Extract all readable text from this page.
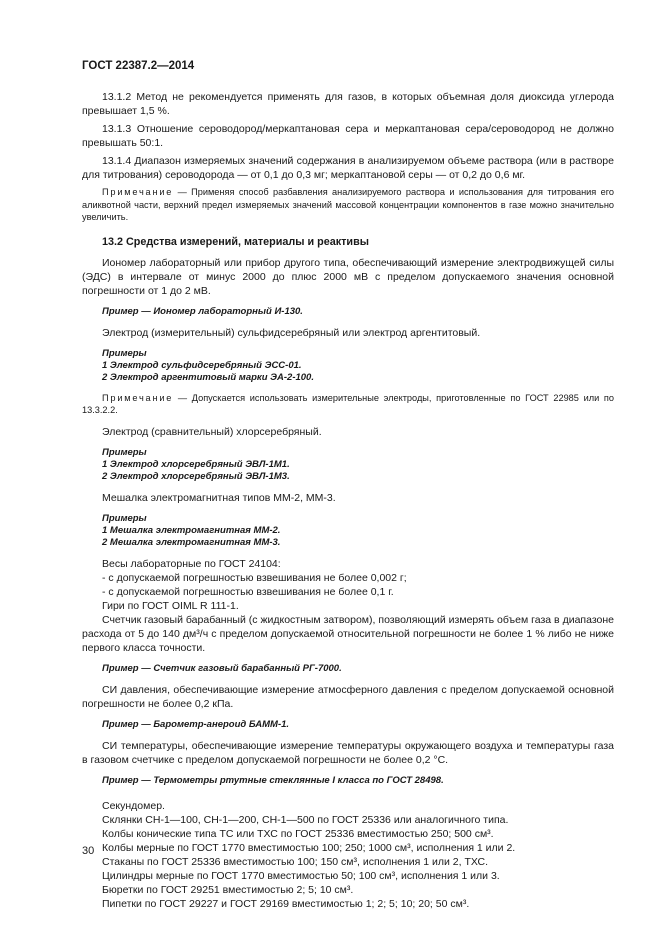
ГОСТ 22387.2—2014

13.1.2 Метод не рекомендуется применять для газов, в которых объемная доля диоксида углерода превышает 1,5 %.

13.1.3 Отношение сероводород/меркаптановая сера и меркаптановая сера/сероводород не должно превышать 50:1.

13.1.4 Диапазон измеряемых значений содержания в анализируемом объеме раствора (или в растворе для титрования) сероводорода — от 0,1 до 0,3 мг; меркаптановой серы — от 0,2 до 0,6 мг.

Примечание — Применяя способ разбавления анализируемого раствора и использования для титрования его аликвотной части, верхний предел измеряемых значений массовой концентрации компонентов в газе можно значительно увеличить.

13.2 Средства измерений, материалы и реактивы

Иономер лабораторный или прибор другого типа, обеспечивающий измерение электродвижущей силы (ЭДС) в интервале от минус 2000 до плюс 2000 мВ с пределом допускаемого значения основной погрешности от 1 до 2 мВ.

Пример — Иономер лабораторный И-130.

Электрод (измерительный) сульфидсеребряный или электрод аргентитовый.

Примеры

1 Электрод сульфидсеребряный ЭСС-01.

2 Электрод аргентитовый марки ЭА-2-100.

Примечание — Допускается использовать измерительные электроды, приготовленные по ГОСТ 22985 или по 13.3.2.2.

Электрод (сравнительный) хлорсеребряный.

Примеры

1 Электрод хлорсеребряный ЭВЛ-1М1.

2 Электрод хлорсеребряный ЭВЛ-1М3.

Мешалка электромагнитная типов ММ-2, ММ-3.

Примеры

1 Мешалка электромагнитная ММ-2.

2 Мешалка электромагнитная ММ-3.

Весы лабораторные по ГОСТ 24104:

- с допускаемой погрешностью взвешивания не более 0,002 г;

- с допускаемой погрешностью взвешивания не более 0,1 г.

Гири по ГОСТ OIML R 111-1.

Счетчик газовый барабанный (с жидкостным затвором), позволяющий измерять объем газа в диапазоне расхода от 5 до 140 дм³/ч с пределом допускаемой относительной погрешности не более 1 % либо не ниже первого класса точности.

Пример — Счетчик газовый барабанный РГ-7000.

СИ давления, обеспечивающие измерение атмосферного давления с пределом допускаемой основной погрешности не более 0,2 кПа.

Пример — Барометр-анероид БАММ-1.

СИ температуры, обеспечивающие измерение температуры окружающего воздуха и температуры газа в газовом счетчике с пределом допускаемой погрешности не более 0,2 °С.

Пример — Термометры ртутные стеклянные I класса по ГОСТ 28498.

Секундомер.

Склянки СН-1—100, СН-1—200, СН-1—500 по ГОСТ 25336 или аналогичного типа.

Колбы конические типа ТС или ТХС по ГОСТ 25336 вместимостью 250; 500 см³.

Колбы мерные по ГОСТ 1770 вместимостью 100; 250; 1000 см³, исполнения 1 или 2.

Стаканы по ГОСТ 25336 вместимостью 100; 150 см³, исполнения 1 или 2, ТХС.

Цилиндры мерные по ГОСТ 1770 вместимостью 50; 100 см³, исполнения 1 или 3.

Бюретки по ГОСТ 29251 вместимостью 2; 5; 10 см³.

Пипетки по ГОСТ 29227 и ГОСТ 29169 вместимостью 1; 2; 5; 10; 20; 50 см³.

30
